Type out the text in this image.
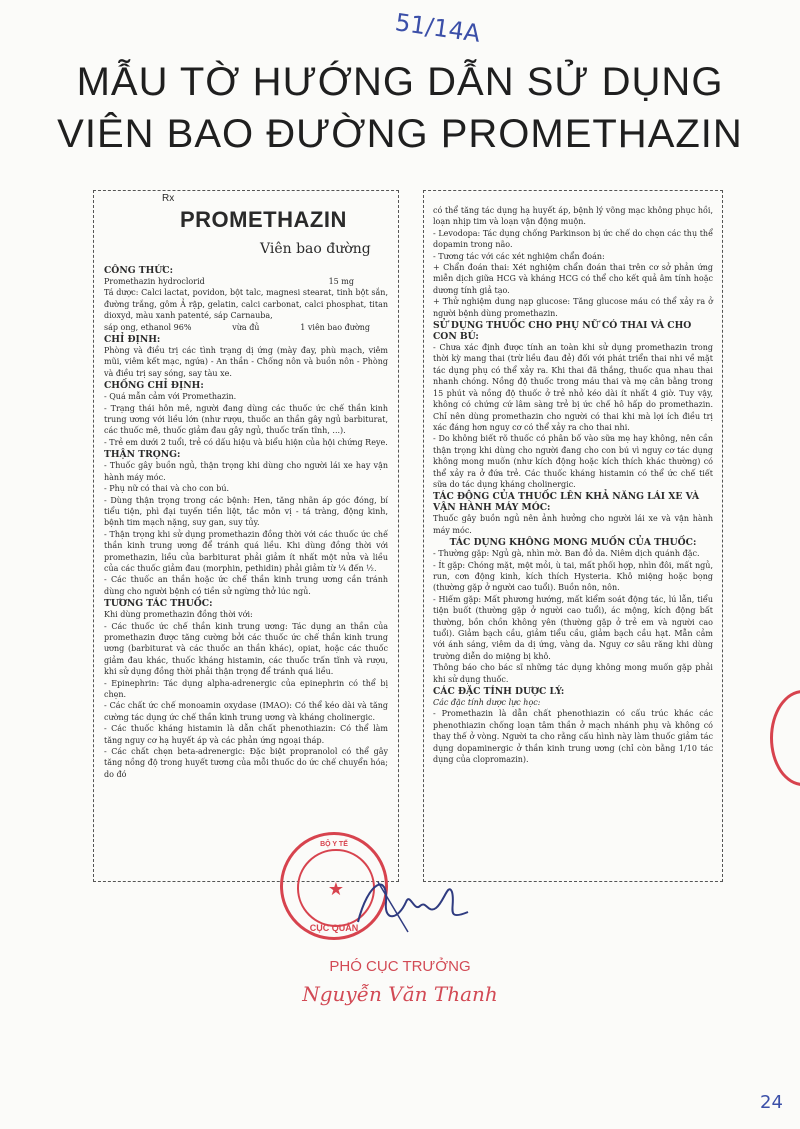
51/14A
MẪU TỜ HƯỚNG DẪN SỬ DỤNG
VIÊN BAO ĐƯỜNG PROMETHAZIN
Rx
PROMETHAZIN
Viên bao đường
CÔNG THỨC:
Promethazin hydroclorid	15 mg
Tá dược: Calci lactat, povidon, bột talc, magnesi stearat, tinh bột sắn, đường trắng, gôm Ả rập, gelatin, calci carbonat, calci phosphat, titan dioxyd, màu xanh patenté, sáp Carnauba,
sáp ong, ethanol 96%	vừa đủ	1 viên bao đường
CHỈ ĐỊNH:
Phòng và điều trị các tình trạng dị ứng (mày đay, phù mạch, viêm mũi, viêm kết mạc, ngứa) - An thần - Chống nôn và buồn nôn - Phòng và điều trị say sóng, say tàu xe.
CHỐNG CHỈ ĐỊNH:
- Quá mẫn cảm với Promethazin.
- Trạng thái hôn mê, người đang dùng các thuốc ức chế thần kinh trung ương với liều lớn (như rượu, thuốc an thần gây ngủ barbiturat, các thuốc mê, thuốc giảm đau gây ngủ, thuốc trấn tĩnh, ...).
- Trẻ em dưới 2 tuổi, trẻ có dấu hiệu và biểu hiện của hội chứng Reye.
THẬN TRỌNG:
- Thuốc gây buồn ngủ, thận trọng khi dùng cho người lái xe hay vận hành máy móc.
- Phụ nữ có thai và cho con bú.
- Dùng thận trọng trong các bệnh: Hen, tăng nhãn áp góc đóng, bí tiểu tiện, phì đại tuyến tiền liệt, tắc môn vị - tá tràng, động kinh, bệnh tim mạch nặng, suy gan, suy tủy.
- Thận trọng khi sử dụng promethazin đồng thời với các thuốc ức chế thần kinh trung ương để tránh quá liều. Khi dùng đồng thời với promethazin, liều của barbiturat phải giảm ít nhất một nửa và liều của các thuốc giảm đau (morphin, pethidin) phải giảm từ ¼ đến ½.
- Các thuốc an thần hoặc ức chế thần kinh trung ương cần tránh dùng cho người bệnh có tiền sử ngừng thở lúc ngủ.
TƯƠNG TÁC THUỐC:
Khi dùng promethazin đồng thời với:
- Các thuốc ức chế thần kinh trung ương: Tác dụng an thần của promethazin được tăng cường bởi các thuốc ức chế thần kinh trung ương (barbiturat và các thuốc an thần khác), opiat, hoặc các thuốc giảm đau khác, thuốc kháng histamin, các thuốc trấn tĩnh và rượu, khi sử dụng đồng thời phải thận trọng để tránh quá liều.
- Epinephrin: Tác dụng alpha-adrenergic của epinephrin có thể bị chẹn.
- Các chất ức chế monoamin oxydase (IMAO): Có thể kéo dài và tăng cường tác dụng ức chế thần kinh trung ương và kháng cholinergic.
- Các thuốc kháng histamin là dẫn chất phenothiazin: Có thể làm tăng nguy cơ hạ huyết áp và các phản ứng ngoại tháp.
- Các chất chẹn beta-adrenergic: Đặc biệt propranolol có thể gây tăng nồng độ trong huyết tương của mỗi thuốc do ức chế chuyển hóa; do đó
có thể tăng tác dụng hạ huyết áp, bệnh lý võng mạc không phục hồi, loạn nhịp tim và loạn vận động muộn.
- Levodopa: Tác dụng chống Parkinson bị ức chế do chẹn các thụ thể dopamin trong não.
- Tương tác với các xét nghiệm chẩn đoán:
+ Chẩn đoán thai: Xét nghiệm chẩn đoán thai trên cơ sở phản ứng miễn dịch giữa HCG và kháng HCG có thể cho kết quả âm tính hoặc dương tính giả tạo.
+ Thử nghiệm dung nạp glucose: Tăng glucose máu có thể xảy ra ở người bệnh dùng promethazin.
SỬ DỤNG THUỐC CHO PHỤ NỮ CÓ THAI VÀ CHO CON BÚ:
- Chưa xác định được tính an toàn khi sử dụng promethazin trong thời kỳ mang thai (trừ liều đau đẻ) đối với phát triển thai nhi về mặt tác dụng phụ có thể xảy ra. Khi thai đã thắng, thuốc qua nhau thai nhanh chóng. Nồng độ thuốc trong máu thai và mẹ cân bằng trong 15 phút và nồng độ thuốc ở trẻ nhỏ kéo dài ít nhất 4 giờ. Tuy vậy, không có chứng cứ lâm sàng trẻ bị ức chế hô hấp do promethazin. Chỉ nên dùng promethazin cho người có thai khi mà lợi ích điều trị xác đáng hơn nguy cơ có thể xảy ra cho thai nhi.
- Do không biết rõ thuốc có phân bố vào sữa mẹ hay không, nên cần thận trọng khi dùng cho người đang cho con bú vì nguy cơ tác dụng không mong muốn (như kích động hoặc kích thích khác thường) có thể xảy ra ở đứa trẻ. Các thuốc kháng histamin có thể ức chế tiết sữa do tác dụng kháng cholinergic.
TÁC ĐỘNG CỦA THUỐC LÊN KHẢ NĂNG LÁI XE VÀ VẬN HÀNH MÁY MÓC:
Thuốc gây buồn ngủ nên ảnh hưởng cho người lái xe và vận hành máy móc.
TÁC DỤNG KHÔNG MONG MUỐN CỦA THUỐC:
- Thường gặp: Ngủ gà, nhìn mờ. Ban đỏ da. Niêm dịch quánh đặc.
- Ít gặp: Chóng mặt, mệt mỏi, ù tai, mất phối hợp, nhìn đôi, mất ngủ, run, cơn động kinh, kích thích Hysteria. Khô miệng hoặc bọng (thường gặp ở người cao tuổi). Buồn nôn, nôn.
- Hiếm gặp: Mất phương hướng, mất kiểm soát động tác, lú lẫn, tiểu tiện buốt (thường gặp ở người cao tuổi), ác mộng, kích động bất thường, bồn chồn không yên (thường gặp ở trẻ em và người cao tuổi). Giảm bạch cầu, giảm tiểu cầu, giảm bạch cầu hạt. Mẫn cảm với ánh sáng, viêm da dị ứng, vàng da. Nguy cơ sâu răng khi dùng trường diễn do miệng bị khô.
Thông báo cho bác sĩ những tác dụng không mong muốn gặp phải khi sử dụng thuốc.
CÁC ĐẶC TÍNH DƯỢC LÝ:
Các đặc tính dược lực học:
- Promethazin là dẫn chất phenothiazin có cấu trúc khác các phenothiazin chống loạn tâm thần ở mạch nhánh phụ và không có thay thế ở vòng. Người ta cho rằng cấu hình này làm thuốc giảm tác dụng dopaminergic ở thần kinh trung ương (chỉ còn bằng 1/10 tác dụng của clopromazin).
BỘ Y TẾ
★
CỤC QUẢN
PHÓ CỤC TRƯỞNG
Nguyễn Văn Thanh
24
